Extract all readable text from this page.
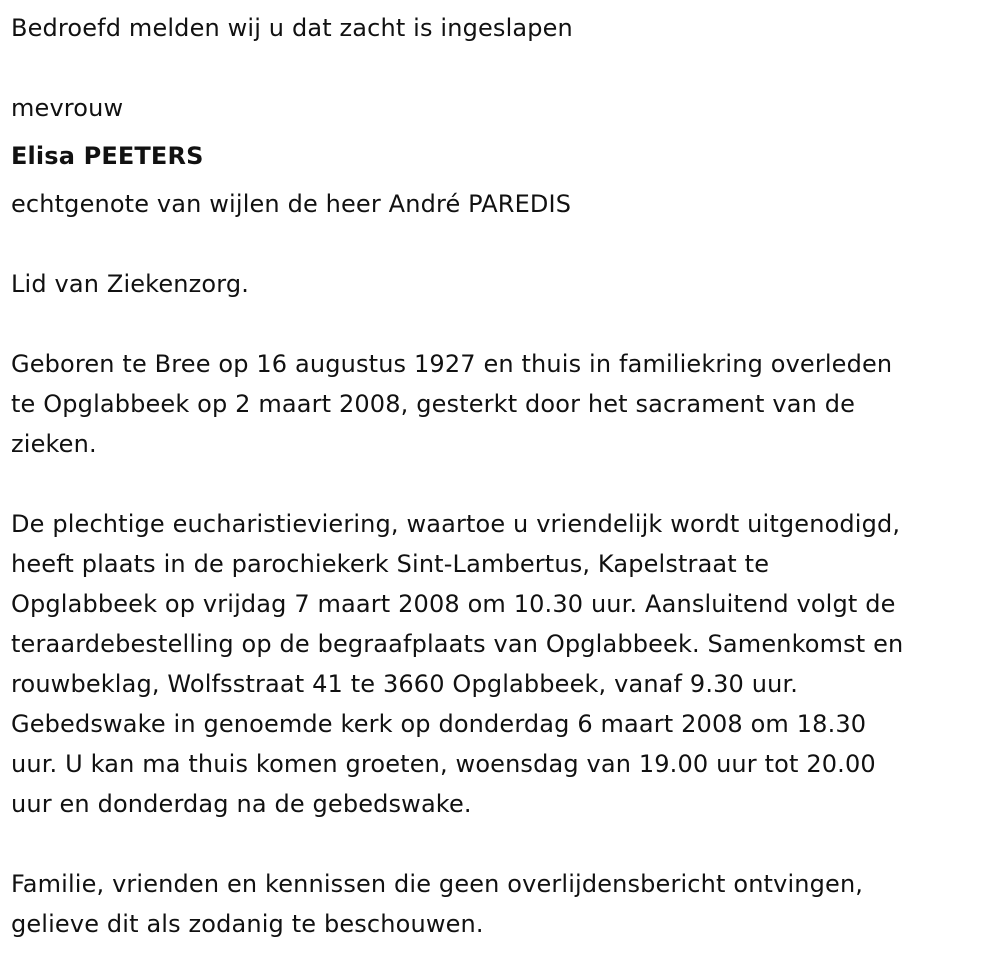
Bedroefd melden wij u dat zacht is ingeslapen
mevrouw
Elisa PEETERS
echtgenote van wijlen de heer André PAREDIS
Lid van Ziekenzorg.
Geboren te Bree op 16 augustus 1927 en thuis in familiekring overleden
te Opglabbeek op 2 maart 2008, gesterkt door het sacrament van de
zieken.
De plechtige eucharistieviering, waartoe u vriendelijk wordt uitgenodigd,
heeft plaats in de parochiekerk Sint-Lambertus, Kapelstraat te
Opglabbeek op vrijdag 7 maart 2008 om 10.30 uur. Aansluitend volgt de
teraardebestelling op de begraafplaats van Opglabbeek. Samenkomst en
rouwbeklag, Wolfsstraat 41 te 3660 Opglabbeek, vanaf 9.30 uur.
Gebedswake in genoemde kerk op donderdag 6 maart 2008 om 18.30
uur. U kan ma thuis komen groeten, woensdag van 19.00 uur tot 20.00
uur en donderdag na de gebedswake.
Familie, vrienden en kennissen die geen overlijdensbericht ontvingen,
gelieve dit als zodanig te beschouwen.
